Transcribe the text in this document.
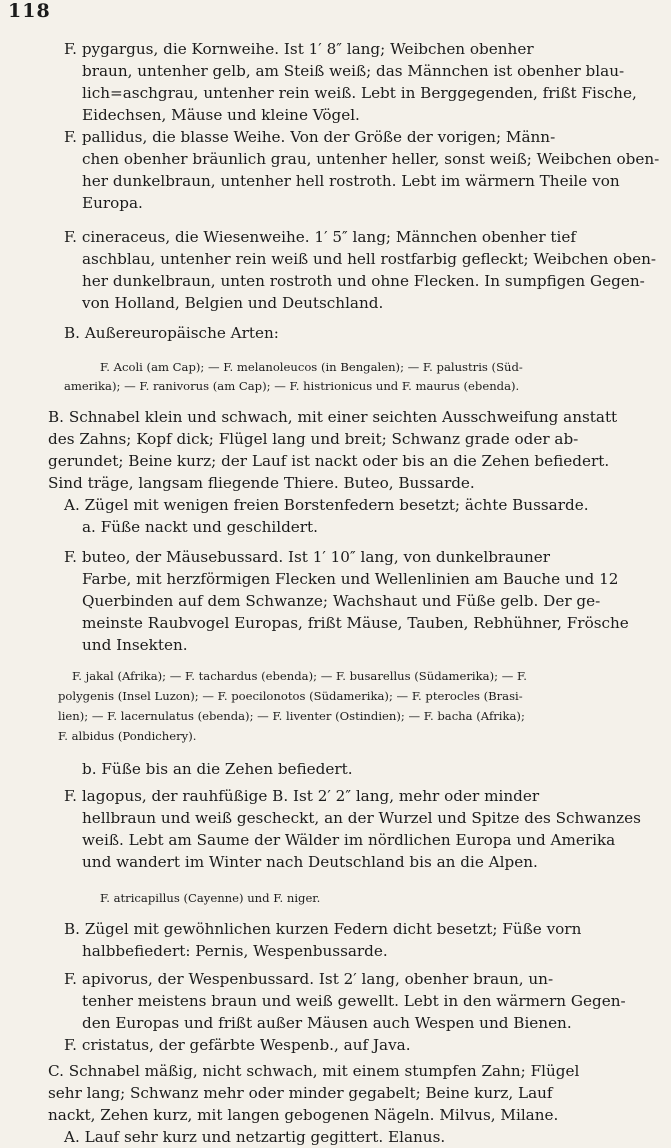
118
F. pygargus, die Kornweihe. Ist 1′ 8″ lang; Weibchen obenher
braun, untenher gelb, am Steiß weiß; das Männchen ist obenher blau-
lich=aschgrau, untenher rein weiß. Lebt in Berggegenden, frißt Fische,
Eidechsen, Mäuse und kleine Vögel.
F. pallidus, die blasse Weihe. Von der Größe der vorigen; Männ-
chen obenher bräunlich grau, untenher heller, sonst weiß; Weibchen oben-
her dunkelbraun, untenher hell rostroth. Lebt im wärmern Theile von
Europa.
F. cineraceus, die Wiesenweihe. 1′ 5″ lang; Männchen obenher tief
aschblau, untenher rein weiß und hell rostfarbig gefleckt; Weibchen oben-
her dunkelbraun, unten rostroth und ohne Flecken. In sumpfigen Gegen-
von Holland, Belgien und Deutschland.
B. Außereuropäische Arten:
F. Acoli (am Cap); — F. melanoleucos (in Bengalen); — F. palustris (Süd-
amerika); — F. ranivorus (am Cap); — F. histrionicus und F. maurus (ebenda).
B. Schnabel klein und schwach, mit einer seichten Ausschweifung anstatt
des Zahns; Kopf dick; Flügel lang und breit; Schwanz grade oder ab-
gerundet; Beine kurz; der Lauf ist nackt oder bis an die Zehen befiedert.
Sind träge, langsam fliegende Thiere. Buteo, Bussarde.
A. Zügel mit wenigen freien Borstenfedern besetzt; ächte Bussarde.
a. Füße nackt und geschildert.
F. buteo, der Mäusebussard. Ist 1′ 10″ lang, von dunkelbrauner
Farbe, mit herzförmigen Flecken und Wellenlinien am Bauche und 12
Querbinden auf dem Schwanze; Wachshaut und Füße gelb. Der ge-
meinste Raubvogel Europas, frißt Mäuse, Tauben, Rebhühner, Frösche
und Insekten.
F. jakal (Afrika); — F. tachardus (ebenda); — F. busarellus (Südamerika); — F.
polygenis (Insel Luzon); — F. poecilonotos (Südamerika); — F. pterocles (Brasi-
lien); — F. lacernulatus (ebenda); — F. liventer (Ostindien); — F. bacha (Afrika);
F. albidus (Pondichery).
b. Füße bis an die Zehen befiedert.
F. lagopus, der rauhfüßige B. Ist 2′ 2″ lang, mehr oder minder
hellbraun und weiß gescheckt, an der Wurzel und Spitze des Schwanzes
weiß. Lebt am Saume der Wälder im nördlichen Europa und Amerika
und wandert im Winter nach Deutschland bis an die Alpen.
F. atricapillus (Cayenne) und F. niger.
B. Zügel mit gewöhnlichen kurzen Federn dicht besetzt; Füße vorn
halbbefiedert: Pernis, Wespenbussarde.
F. apivorus, der Wespenbussard. Ist 2′ lang, obenher braun, un-
tenher meistens braun und weiß gewellt. Lebt in den wärmern Gegen-
den Europas und frißt außer Mäusen auch Wespen und Bienen.
F. cristatus, der gefärbte Wespenb., auf Java.
C. Schnabel mäßig, nicht schwach, mit einem stumpfen Zahn; Flügel
sehr lang; Schwanz mehr oder minder gegabelt; Beine kurz, Lauf
nackt, Zehen kurz, mit langen gebogenen Nägeln. Milvus, Milane.
A. Lauf sehr kurz und netzartig gegittert. Elanus.
